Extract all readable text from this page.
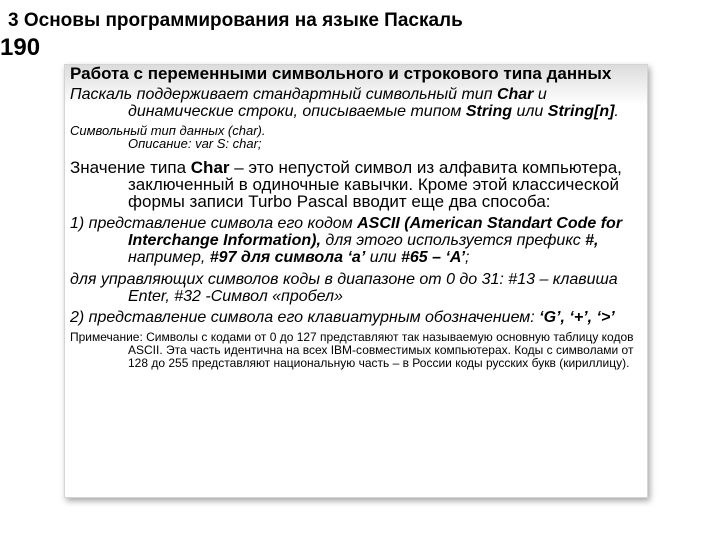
3 Основы программирования на языке Паскаль
190

Работа с переменными символьного и строкового типа данных

Паскаль поддерживает стандартный символьный тип Char и динамические строки, описываемые типом String или String[n].

Символьный тип данных (char).

Описание: var S: char;

Значение типа Char – это непустой символ из алфавита компьютера, заключенный в одиночные кавычки. Кроме этой классической формы записи Turbo Pascal вводит еще два способа:

1) представление символа его кодом ASCII (American Standart Code for Interchange Information), для этого используется префикс #, например, #97 для символа ‘a’ или #65 – ‘A’;

для управляющих символов коды в диапазоне от 0 до 31: #13 – клавиша Enter, #32 -Символ «пробел»

2) представление символа его клавиатурным обозначением: ‘G’, ‘+’, ‘>’

Примечание: Символы с кодами от 0 до 127 представляют так называемую основную таблицу кодов ASCII. Эта часть идентична на всех IBM-совместимых компьютерах. Коды с символами от 128 до 255 представляют национальную часть – в России коды русских букв (кириллицу).
